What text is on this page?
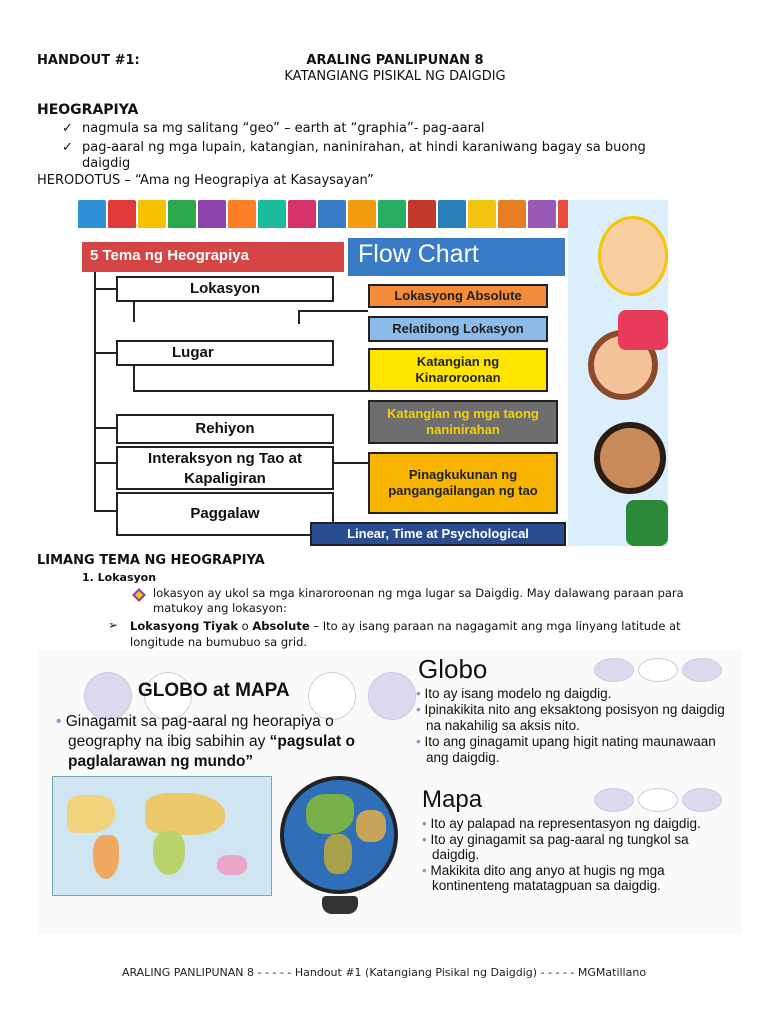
HANDOUT #1:	ARALING PANLIPUNAN 8
KATANGIANG PISIKAL NG DAIGDIG
HEOGRAPIYA
✓ nagmula sa mg salitang “geo” – earth at “graphia”- pag-aaral
✓ pag-aaral ng mga lupain, katangian, naninirahan, at hindi karaniwang bagay sa buong
daigdig
HERODOTUS – “Ama ng Heograpiya at Kasaysayan”
5 Tema ng Heograpiya	Flow Chart
Lokasyon
Lugar
Rehiyon
Interaksyon ng Tao at Kapaligiran
Paggalaw
Lokasyong Absolute
Relatibong Lokasyon
Katangian ng Kinaroroonan
Katangian ng mga taong naninirahan
Pinagkukunan ng pangangailangan ng tao
Linear, Time at Psychological
LIMANG TEMA NG HEOGRAPIYA
1. Lokasyon
lokasyon ay ukol sa mga kinaroroonan ng mga lugar sa Daigdig. May dalawang paraan para matukoy ang lokasyon:
➢ Lokasyong Tiyak o Absolute – Ito ay isang paraan na nagagamit ang mga linyang latitude at longitude na bumubuo sa grid.
GLOBO at MAPA
• Ginagamit sa pag-aaral ng heorapiya o
geography na ibig sabihin ay “pagsulat o
paglalarawan ng mundo”
Globo
• Ito ay isang modelo ng daigdig.
• Ipinakikita nito ang eksaktong posisyon ng daigdig na nakahilig sa aksis nito.
• Ito ang ginagamit upang higit nating maunawaan ang daigdig.
Mapa
• Ito ay palapad na representasyon ng daigdig.
• Ito ay ginagamit sa pag-aaral ng tungkol sa daigdig.
• Makikita dito ang anyo at hugis ng mga kontinenteng matatagpuan sa daigdig.
ARALING PANLIPUNAN 8 - - - - - Handout #1 (Katangiang Pisikal ng Daigdig) - - - - - MGMatillano
